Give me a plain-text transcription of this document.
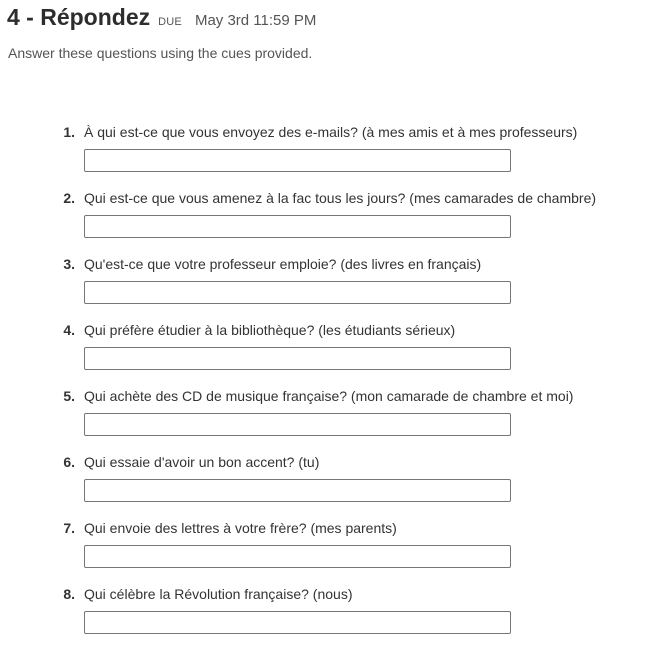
4 - Répondez DUE May 3rd 11:59 PM
Answer these questions using the cues provided.
1. À qui est-ce que vous envoyez des e-mails? (à mes amis et à mes professeurs)
2. Qui est-ce que vous amenez à la fac tous les jours? (mes camarades de chambre)
3. Qu'est-ce que votre professeur emploie? (des livres en français)
4. Qui préfère étudier à la bibliothèque? (les étudiants sérieux)
5. Qui achète des CD de musique française? (mon camarade de chambre et moi)
6. Qui essaie d'avoir un bon accent? (tu)
7. Qui envoie des lettres à votre frère? (mes parents)
8. Qui célèbre la Révolution française? (nous)
